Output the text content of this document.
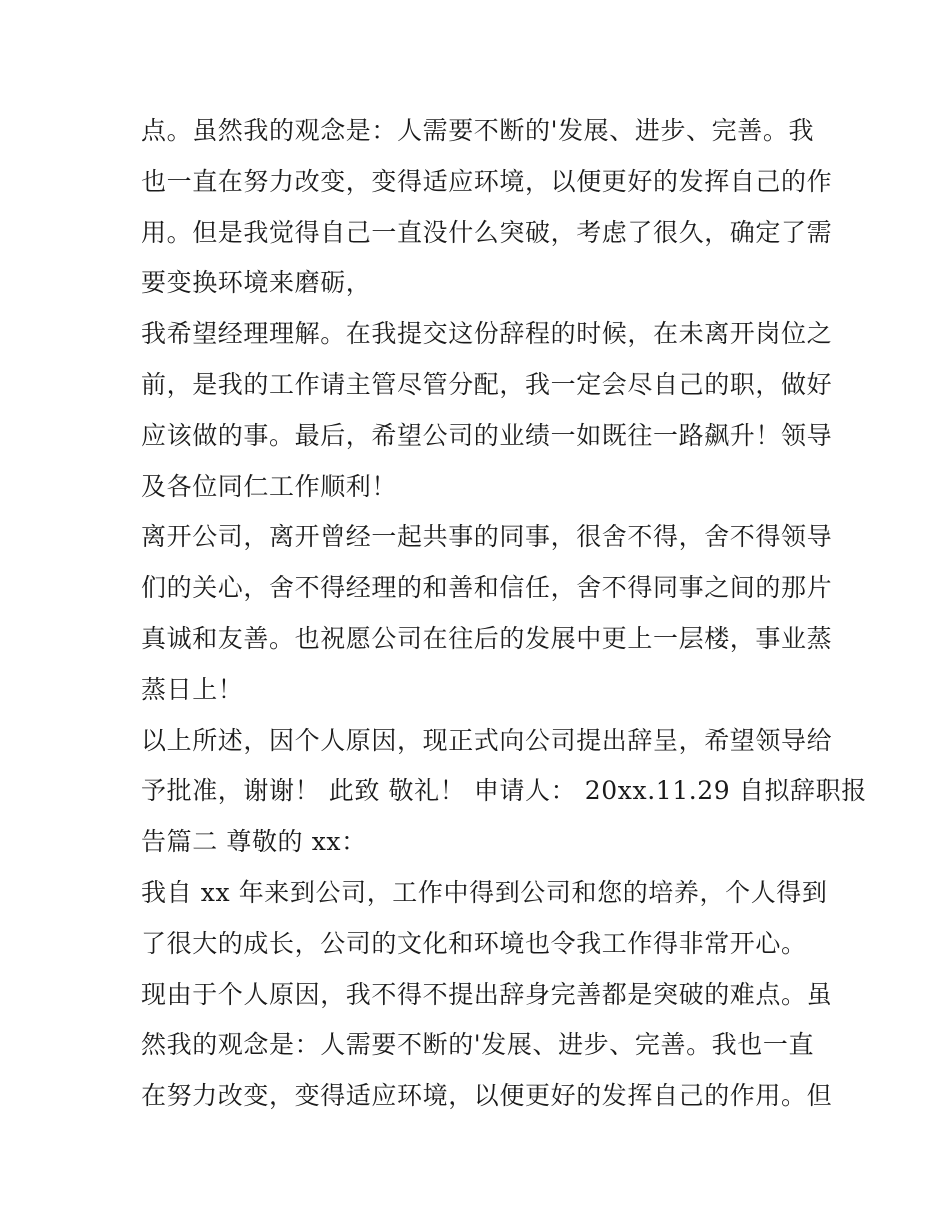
点。虽然我的观念是：人需要不断的'发展、进步、完善。我
也一直在努力改变，变得适应环境，以便更好的发挥自己的作
用。但是我觉得自己一直没什么突破，考虑了很久，确定了需
要变换环境来磨砺，
我希望经理理解。在我提交这份辞程的时候，在未离开岗位之
前，是我的工作请主管尽管分配，我一定会尽自己的职，做好
应该做的事。最后，希望公司的业绩一如既往一路飙升！领导
及各位同仁工作顺利！
离开公司，离开曾经一起共事的同事，很舍不得，舍不得领导
们的关心，舍不得经理的和善和信任，舍不得同事之间的那片
真诚和友善。也祝愿公司在往后的发展中更上一层楼，事业蒸
蒸日上！
以上所述，因个人原因，现正式向公司提出辞呈，希望领导给
予批准，谢谢！ 此致 敬礼！ 申请人： 20xx.11.29 自拟辞职报
告篇二 尊敬的 xx：
我自 xx 年来到公司，工作中得到公司和您的培养，个人得到
了很大的成长，公司的文化和环境也令我工作得非常开心。
现由于个人原因，我不得不提出辞身完善都是突破的难点。虽
然我的观念是：人需要不断的'发展、进步、完善。我也一直
在努力改变，变得适应环境，以便更好的发挥自己的作用。但
